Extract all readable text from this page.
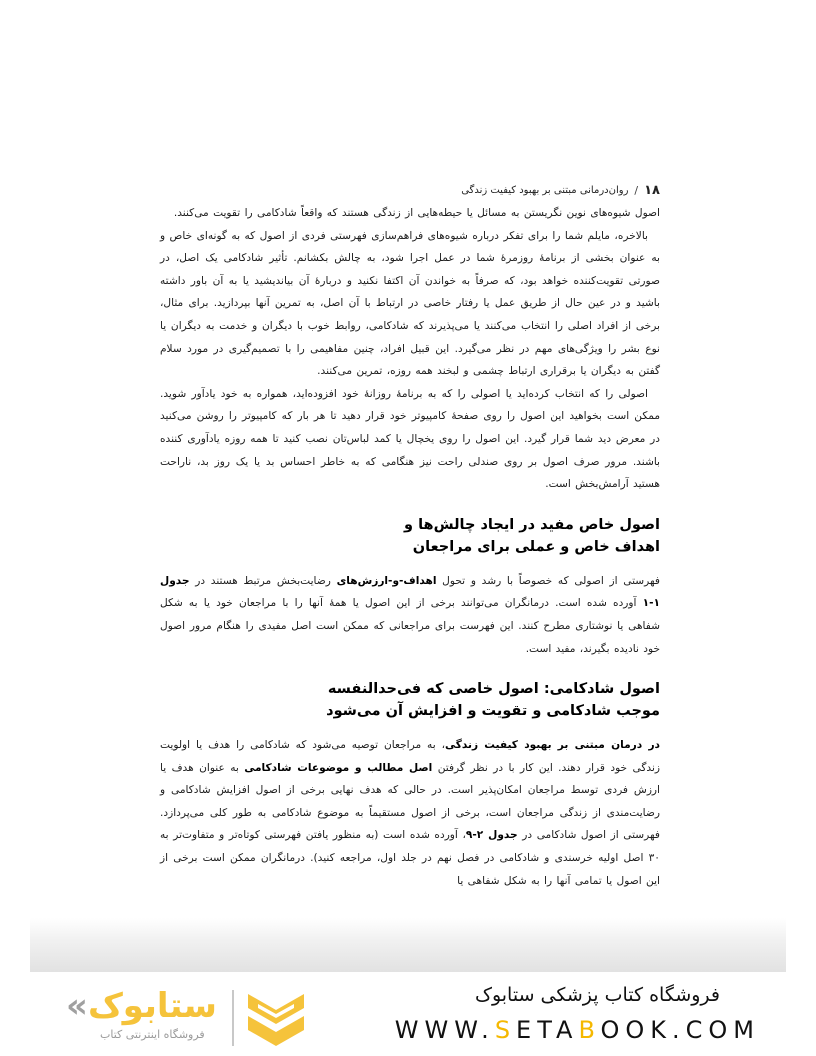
۱۸
/
روان‌درمانی مبتنی بر بهبود کیفیت زندگی

اصول شیوه‌های نوین نگریستن به مسائل یا حیطه‌هایی از زندگی هستند که واقعاً شادکامی را تقویت می‌کنند.

بالاخره، مایلم شما را برای تفکر درباره شیوه‌های فراهم‌سازی فهرستی فردی از اصول که به گونه‌ای خاص و به عنوان بخشی از برنامهٔ روزمرهٔ شما در عمل اجرا شود، به چالش بکشانم. تأثیر شادکامی یک اصل، در صورتی تقویت‌کننده خواهد بود، که صرفاً به خواندن آن اکتفا نکنید و دربارهٔ آن بیاندیشید یا به آن باور داشته باشید و در عین حال از طریق عمل یا رفتار خاصی در ارتباط با آن اصل، به تمرین آنها بپردازید. برای مثال، برخی از افراد اصلی را انتخاب می‌کنند یا می‌پذیرند که شادکامی، روابط خوب با دیگران و خدمت به دیگران یا نوع بشر را ویژگی‌های مهم در نظر می‌گیرد. این قبیل افراد، چنین مفاهیمی را با تصمیم‌گیری در مورد سلام گفتن به دیگران یا برقراری ارتباط چشمی و لبخند همه روزه، تمرین می‌کنند.

اصولی را که انتخاب کرده‌اید یا اصولی را که به برنامهٔ روزانهٔ خود افزوده‌اید، همواره به خود یادآور شوید. ممکن است بخواهید این اصول را روی صفحهٔ کامپیوتر خود قرار دهید تا هر بار که کامپیوتر را روشن می‌کنید در معرض دید شما قرار گیرد. این اصول را روی یخچال یا کمد لباس‌تان نصب کنید تا همه روزه یادآوری کننده باشند. مرور صرف اصول بر روی صندلی راحت نیز هنگامی که به خاطر احساس بد یا یک روز بد، ناراحت هستید آرامش‌بخش است.

اصول خاص مفید در ایجاد چالش‌ها و
اهداف خاص و عملی برای مراجعان

فهرستی از اصولی که خصوصاً با رشد و تحول اهداف-و-ارزش‌های رضایت‌بخش مرتبط هستند در جدول ۱-۱ آورده شده است. درمانگران می‌توانند برخی از این اصول یا همهٔ آنها را با مراجعان خود یا به شکل شفاهی یا نوشتاری مطرح کنند. این فهرست برای مراجعانی که ممکن است اصل مفیدی را هنگام مرور اصول خود نادیده بگیرند، مفید است.

اصول شادکامی: اصول خاصی که فی‌حدالنفسه
موجب شادکامی و تقویت و افزایش آن می‌شود

در درمان مبتنی بر بهبود کیفیت زندگی، به مراجعان توصیه می‌شود که شادکامی را هدف یا اولویت زندگی خود قرار دهند. این کار با در نظر گرفتن اصل مطالب و موضوعات شادکامی به عنوان هدف یا ارزش فردی توسط مراجعان امکان‌پذیر است. در حالی که هدف نهایی برخی از اصول افزایش شادکامی و رضایت‌مندی از زندگی مراجعان است، برخی از اصول مستقیماً به موضوع شادکامی به طور کلی می‌پردازد. فهرستی از اصول شادکامی در جدول ۲-۹، آورده شده است (به منظور یافتن فهرستی کوتاه‌تر و متفاوت‌تر به ۳۰ اصل اولیه خرسندی و شادکامی در فصل نهم در جلد اول، مراجعه کنید). درمانگران ممکن است برخی از این اصول یا تمامی آنها را به شکل شفاهی یا

«ستابوک
فروشگاه اینترنتی کتاب
فروشگاه کتاب پزشکی ستابوک
WWW.SETABOOK.COM
